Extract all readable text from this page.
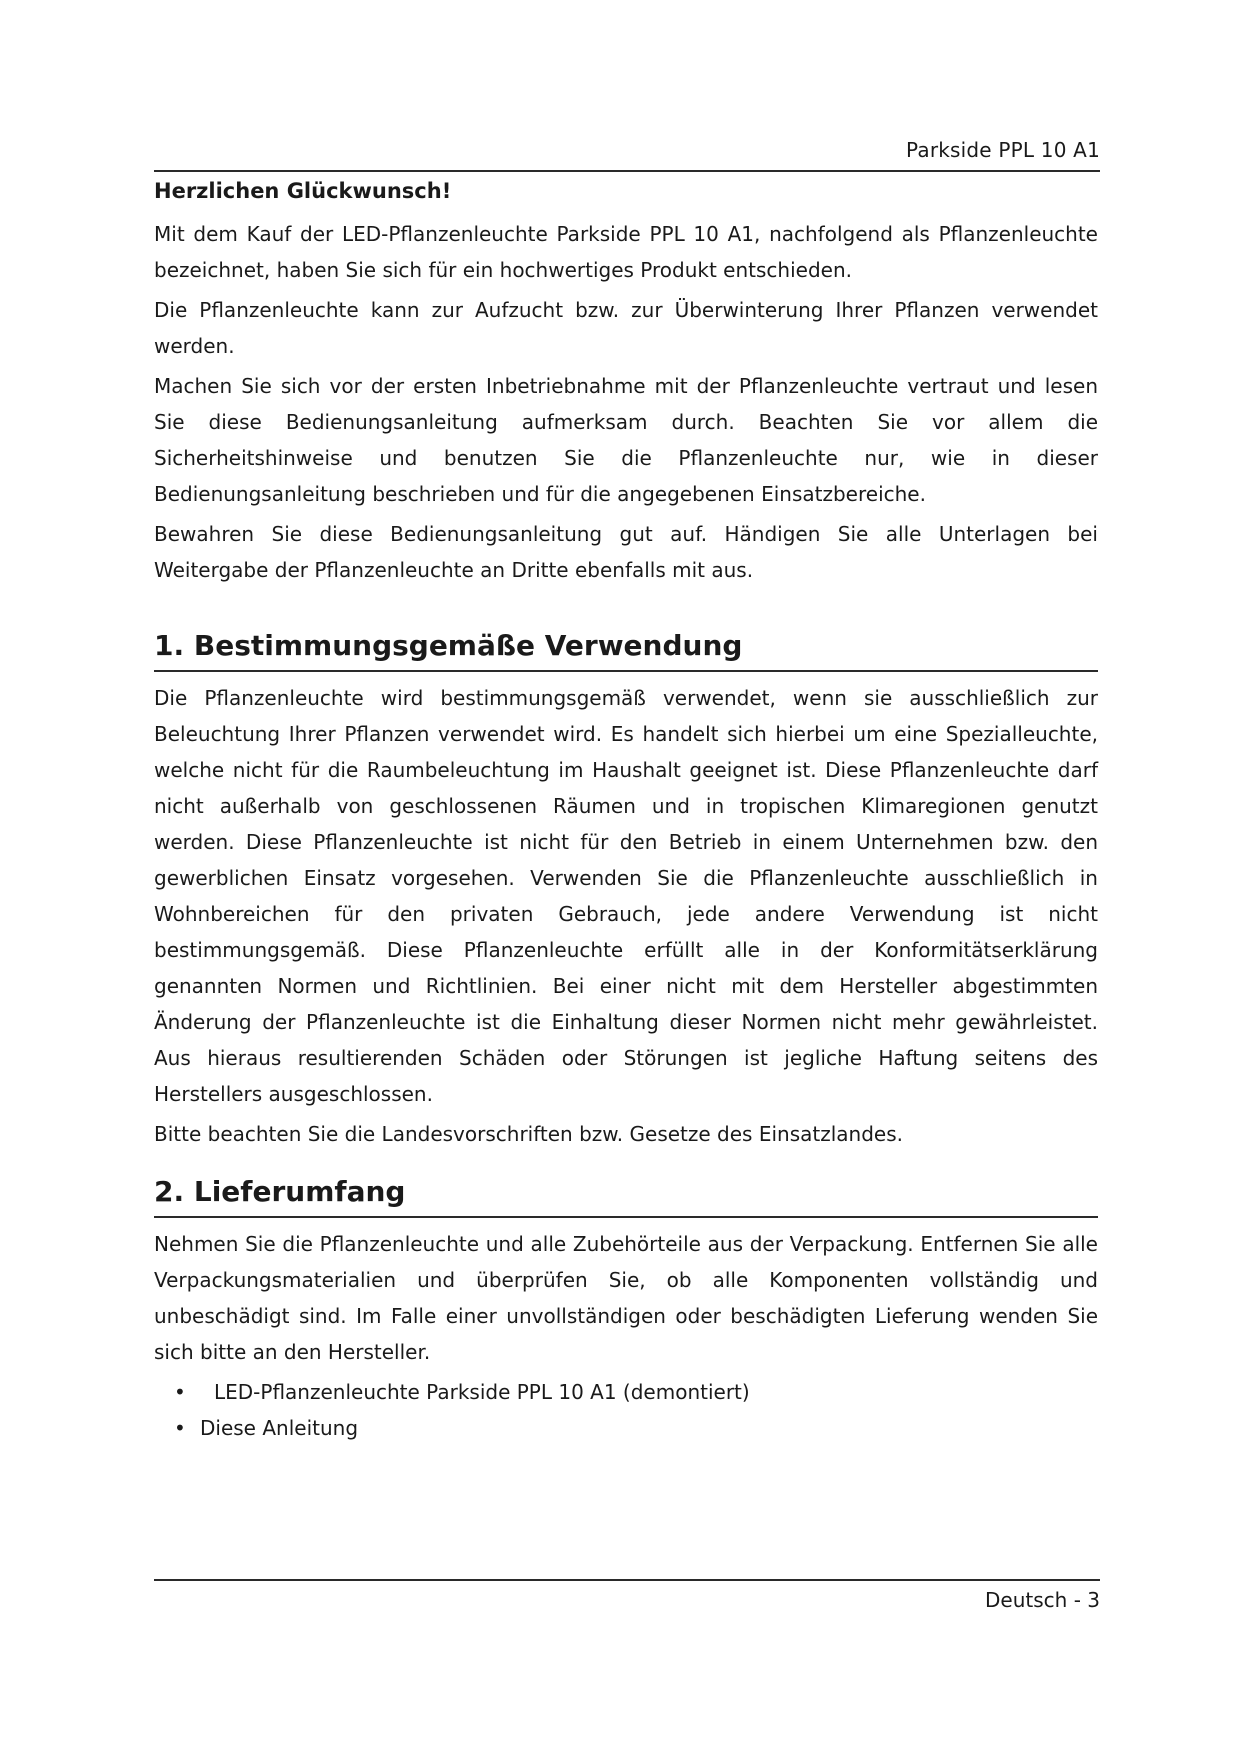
Parkside PPL 10 A1
Herzlichen Glückwunsch!

Mit dem Kauf der LED-Pflanzenleuchte Parkside PPL 10 A1, nachfolgend als Pflanzenleuchte bezeichnet, haben Sie sich für ein hochwertiges Produkt entschieden.

Die Pflanzenleuchte kann zur Aufzucht bzw. zur Überwinterung Ihrer Pflanzen verwendet werden.

Machen Sie sich vor der ersten Inbetriebnahme mit der Pflanzenleuchte vertraut und lesen Sie diese Bedienungsanleitung aufmerksam durch. Beachten Sie vor allem die Sicherheitshinweise und benutzen Sie die Pflanzenleuchte nur, wie in dieser Bedienungsanleitung beschrieben und für die angegebenen Einsatzbereiche.

Bewahren Sie diese Bedienungsanleitung gut auf. Händigen Sie alle Unterlagen bei Weitergabe der Pflanzenleuchte an Dritte ebenfalls mit aus.

1. Bestimmungsgemäße Verwendung

Die Pflanzenleuchte wird bestimmungsgemäß verwendet, wenn sie ausschließlich zur Beleuchtung Ihrer Pflanzen verwendet wird. Es handelt sich hierbei um eine Spezialleuchte, welche nicht für die Raumbeleuchtung im Haushalt geeignet ist. Diese Pflanzenleuchte darf nicht außerhalb von geschlossenen Räumen und in tropischen Klimaregionen genutzt werden. Diese Pflanzenleuchte ist nicht für den Betrieb in einem Unternehmen bzw. den gewerblichen Einsatz vorgesehen. Verwenden Sie die Pflanzenleuchte ausschließlich in Wohnbereichen für den privaten Gebrauch, jede andere Verwendung ist nicht bestimmungsgemäß. Diese Pflanzenleuchte erfüllt alle in der Konformitätserklärung genannten Normen und Richtlinien. Bei einer nicht mit dem Hersteller abgestimmten Änderung der Pflanzenleuchte ist die Einhaltung dieser Normen nicht mehr gewährleistet. Aus hieraus resultierenden Schäden oder Störungen ist jegliche Haftung seitens des Herstellers ausgeschlossen.

Bitte beachten Sie die Landesvorschriften bzw. Gesetze des Einsatzlandes.

2. Lieferumfang

Nehmen Sie die Pflanzenleuchte und alle Zubehörteile aus der Verpackung. Entfernen Sie alle Verpackungsmaterialien und überprüfen Sie, ob alle Komponenten vollständig und unbeschädigt sind. Im Falle einer unvollständigen oder beschädigten Lieferung wenden Sie sich bitte an den Hersteller.

• LED-Pflanzenleuchte Parkside PPL 10 A1 (demontiert)
• Diese Anleitung
Deutsch - 3
